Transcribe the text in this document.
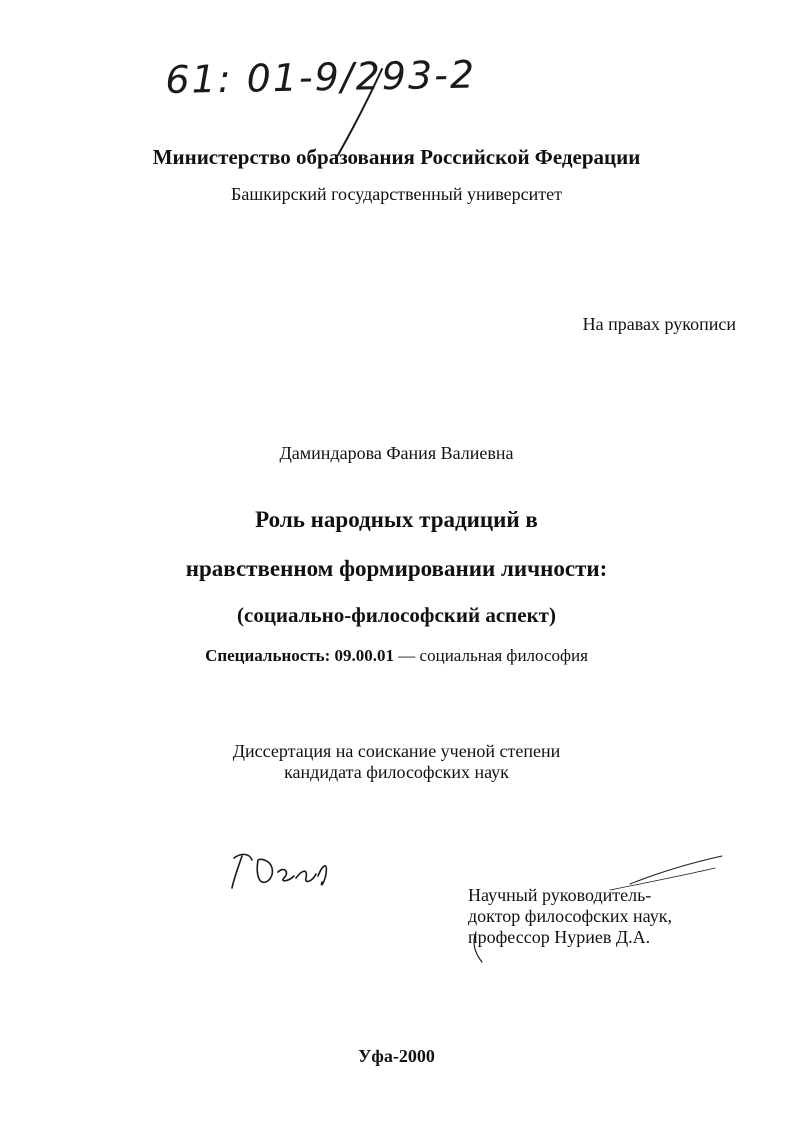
61: 01-9/293-2
Министерство образования Российской Федерации
Башкирский государственный университет
На правах рукописи
Даминдарова Фания Валиевна
Роль народных традиций в
нравственном формировании личности:
(социально-философский аспект)
Специальность: 09.00.01 — социальная философия
Диссертация на соискание ученой степени
кандидата философских наук
Научный руководитель-
доктор философских наук,
профессор Нуриев Д.А.
Уфа-2000
